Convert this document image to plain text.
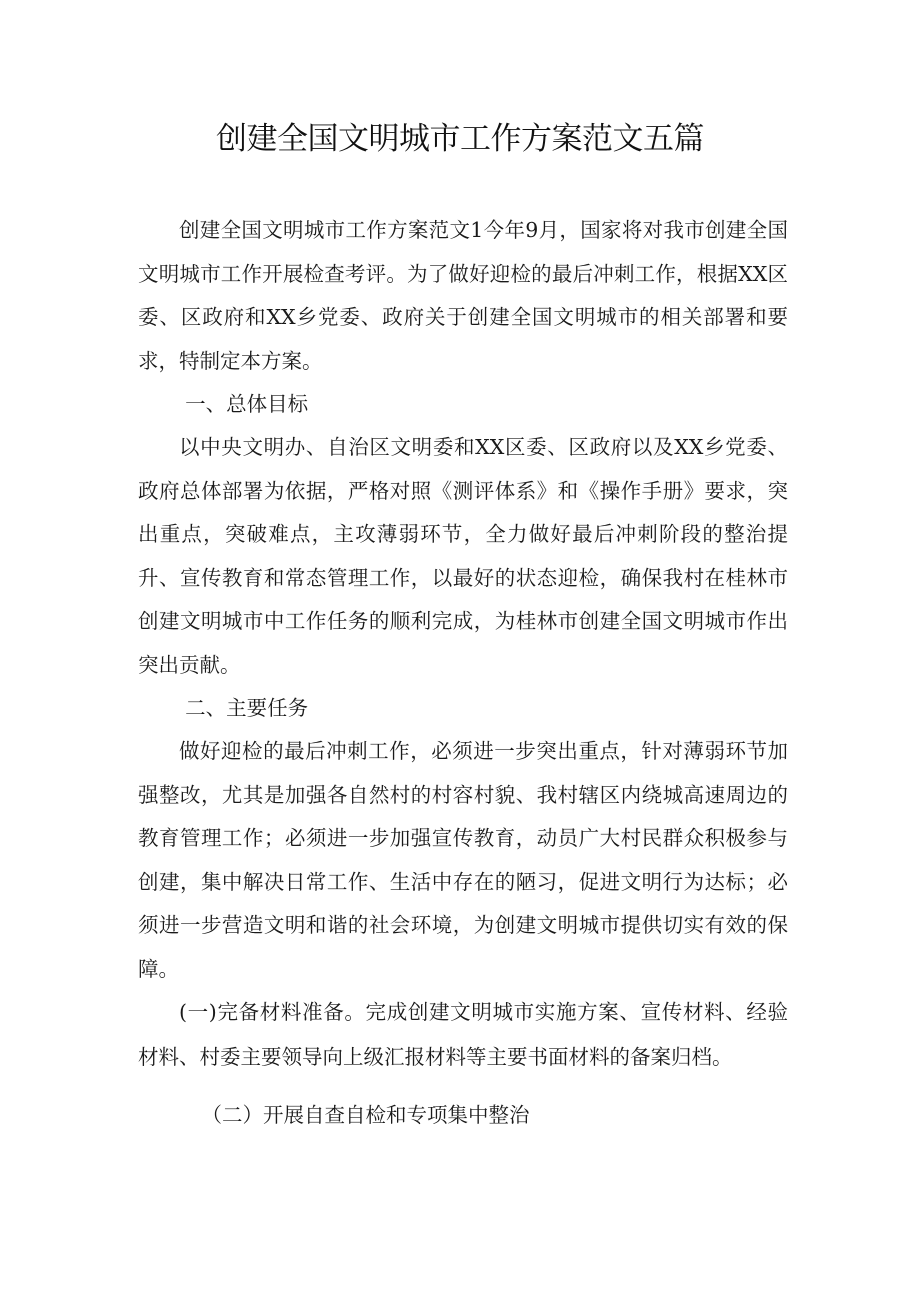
创建全国文明城市工作方案范文五篇

创建全国文明城市工作方案范文1今年9月，国家将对我市创建全国文明城市工作开展检查考评。为了做好迎检的最后冲刺工作，根据XX区委、区政府和XX乡党委、政府关于创建全国文明城市的相关部署和要求，特制定本方案。

一、总体目标

以中央文明办、自治区文明委和XX区委、区政府以及XX乡党委、政府总体部署为依据，严格对照《测评体系》和《操作手册》要求，突出重点，突破难点，主攻薄弱环节，全力做好最后冲刺阶段的整治提升、宣传教育和常态管理工作，以最好的状态迎检，确保我村在桂林市创建文明城市中工作任务的顺利完成，为桂林市创建全国文明城市作出突出贡献。

二、主要任务

做好迎检的最后冲刺工作，必须进一步突出重点，针对薄弱环节加强整改，尤其是加强各自然村的村容村貌、我村辖区内绕城高速周边的教育管理工作；必须进一步加强宣传教育，动员广大村民群众积极参与创建，集中解决日常工作、生活中存在的陋习，促进文明行为达标；必须进一步营造文明和谐的社会环境，为创建文明城市提供切实有效的保障。

(一)完备材料准备。完成创建文明城市实施方案、宣传材料、经验材料、村委主要领导向上级汇报材料等主要书面材料的备案归档。

（二）开展自查自检和专项集中整治
